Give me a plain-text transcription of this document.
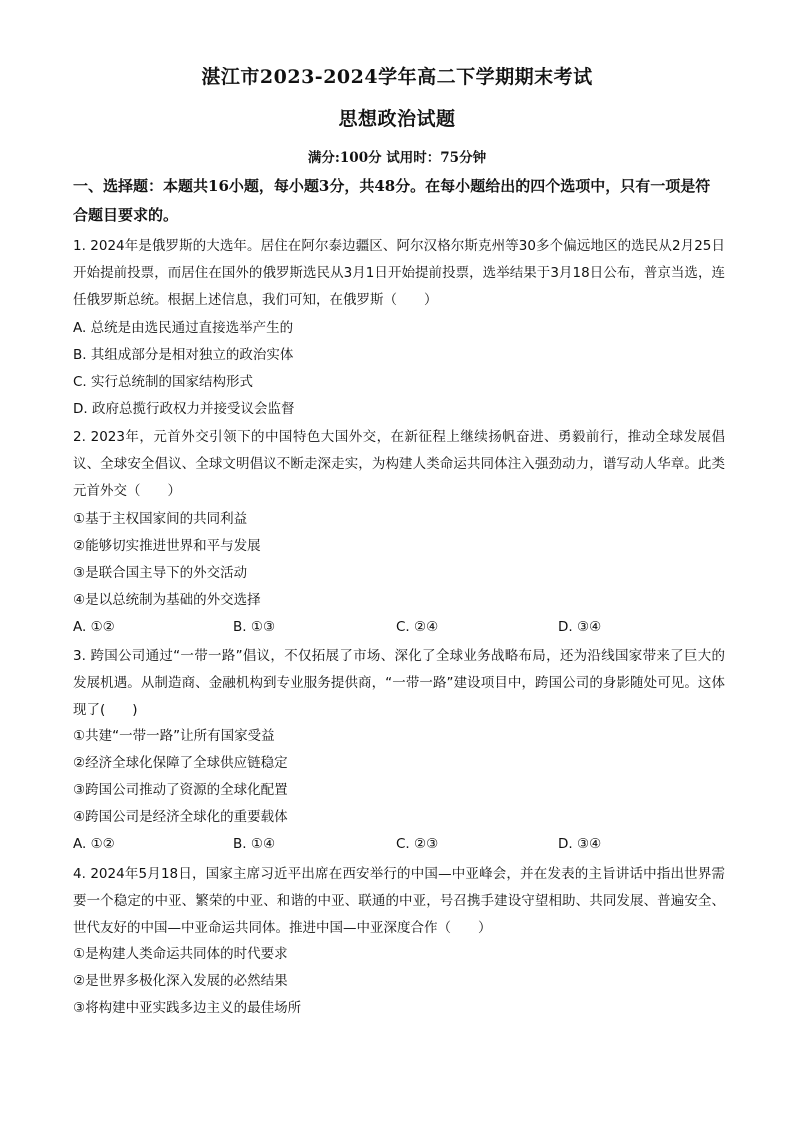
湛江市2023-2024学年高二下学期期末考试
思想政治试题
满分:100分 试用时：75分钟
一、选择题：本题共16小题，每小题3分，共48分。在每小题给出的四个选项中，只有一项是符合题目要求的。
1. 2024年是俄罗斯的大选年。居住在阿尔泰边疆区、阿尔汉格尔斯克州等30多个偏远地区的选民从2月25日开始提前投票，而居住在国外的俄罗斯选民从3月1日开始提前投票，选举结果于3月18日公布，普京当选，连任俄罗斯总统。根据上述信息，我们可知，在俄罗斯（　　）
A. 总统是由选民通过直接选举产生的
B. 其组成部分是相对独立的政治实体
C. 实行总统制的国家结构形式
D. 政府总揽行政权力并接受议会监督
2. 2023年，元首外交引领下的中国特色大国外交，在新征程上继续扬帆奋进、勇毅前行，推动全球发展倡议、全球安全倡议、全球文明倡议不断走深走实，为构建人类命运共同体注入强劲动力，谱写动人华章。此类元首外交（　　）
①基于主权国家间的共同利益
②能够切实推进世界和平与发展
③是联合国主导下的外交活动
④是以总统制为基础的外交选择
A. ①②	B. ①③	C. ②④	D. ③④
3. 跨国公司通过“一带一路”倡议，不仅拓展了市场、深化了全球业务战略布局，还为沿线国家带来了巨大的发展机遇。从制造商、金融机构到专业服务提供商，“一带一路”建设项目中，跨国公司的身影随处可见。这体现了(　　)
①共建“一带一路”让所有国家受益
②经济全球化保障了全球供应链稳定
③跨国公司推动了资源的全球化配置
④跨国公司是经济全球化的重要载体
A. ①②	B. ①④	C. ②③	D. ③④
4. 2024年5月18日，国家主席习近平出席在西安举行的中国—中亚峰会，并在发表的主旨讲话中指出世界需要一个稳定的中亚、繁荣的中亚、和谐的中亚、联通的中亚，号召携手建设守望相助、共同发展、普遍安全、世代友好的中国—中亚命运共同体。推进中国—中亚深度合作（　　）
①是构建人类命运共同体的时代要求
②是世界多极化深入发展的必然结果
③将构建中亚实践多边主义的最佳场所
